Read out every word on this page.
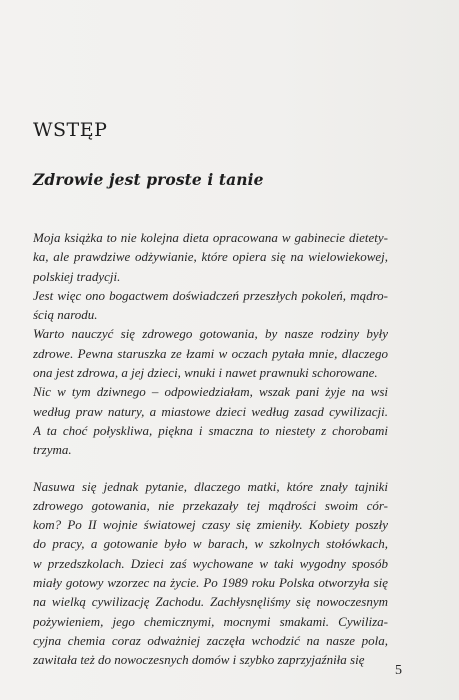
WSTĘP
Zdrowie jest proste i tanie

Moja książka to nie kolejna dieta opracowana w gabinecie dietety-
ka, ale prawdziwe odżywianie, które opiera się na wielowiekowej,
polskiej tradycji.

Jest więc ono bogactwem doświadczeń przeszłych pokoleń, mądro-
ścią narodu.

Warto nauczyć się zdrowego gotowania, by nasze rodziny były
zdrowe. Pewna staruszka ze łzami w oczach pytała mnie, dlaczego
ona jest zdrowa, a jej dzieci, wnuki i nawet prawnuki schorowane.

Nic w tym dziwnego – odpowiedziałam, wszak pani żyje na wsi
według praw natury, a miastowe dzieci według zasad cywilizacji.
A ta choć połyskliwa, piękna i smaczna to niestety z chorobami
trzyma.

Nasuwa się jednak pytanie, dlaczego matki, które znały tajniki
zdrowego gotowania, nie przekazały tej mądrości swoim cór-
kom? Po II wojnie światowej czasy się zmieniły. Kobiety poszły
do pracy, a gotowanie było w barach, w szkolnych stołówkach,
w przedszkolach. Dzieci zaś wychowane w taki wygodny sposób
miały gotowy wzorzec na życie. Po 1989 roku Polska otworzyła się
na wielką cywilizację Zachodu. Zachłysnęliśmy się nowoczesnym
pożywieniem, jego chemicznymi, mocnymi smakami. Cywiliza-
cyjna chemia coraz odważniej zaczęła wchodzić na nasze pola,
zawitała też do nowoczesnych domów i szybko zaprzyjaźniła się

5
